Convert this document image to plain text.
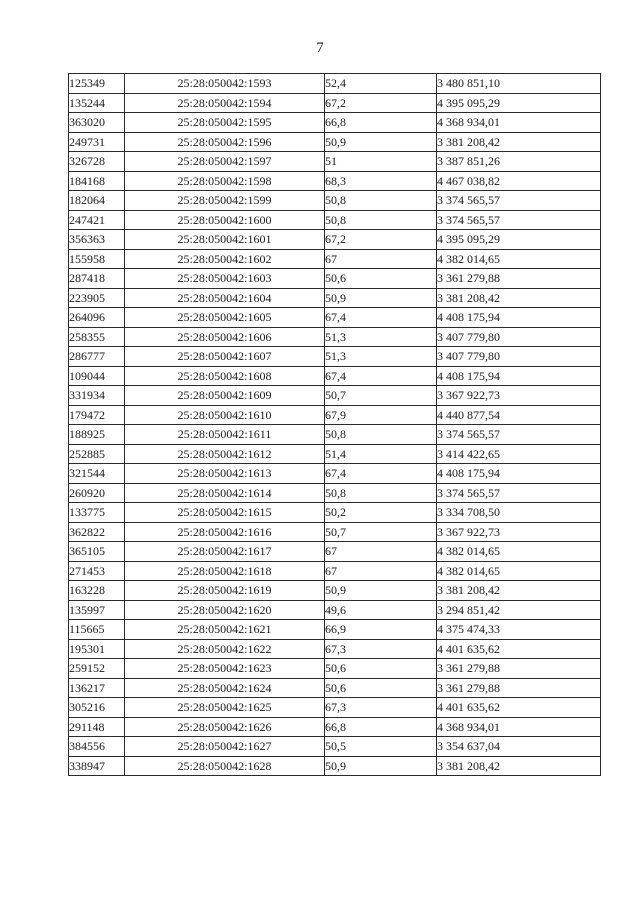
7
125349	25:28:050042:1593	52,4	3 480 851,10
135244	25:28:050042:1594	67,2	4 395 095,29
363020	25:28:050042:1595	66,8	4 368 934,01
249731	25:28:050042:1596	50,9	3 381 208,42
326728	25:28:050042:1597	51	3 387 851,26
184168	25:28:050042:1598	68,3	4 467 038,82
182064	25:28:050042:1599	50,8	3 374 565,57
247421	25:28:050042:1600	50,8	3 374 565,57
356363	25:28:050042:1601	67,2	4 395 095,29
155958	25:28:050042:1602	67	4 382 014,65
287418	25:28:050042:1603	50,6	3 361 279,88
223905	25:28:050042:1604	50,9	3 381 208,42
264096	25:28:050042:1605	67,4	4 408 175,94
258355	25:28:050042:1606	51,3	3 407 779,80
286777	25:28:050042:1607	51,3	3 407 779,80
109044	25:28:050042:1608	67,4	4 408 175,94
331934	25:28:050042:1609	50,7	3 367 922,73
179472	25:28:050042:1610	67,9	4 440 877,54
188925	25:28:050042:1611	50,8	3 374 565,57
252885	25:28:050042:1612	51,4	3 414 422,65
321544	25:28:050042:1613	67,4	4 408 175,94
260920	25:28:050042:1614	50,8	3 374 565,57
133775	25:28:050042:1615	50,2	3 334 708,50
362822	25:28:050042:1616	50,7	3 367 922,73
365105	25:28:050042:1617	67	4 382 014,65
271453	25:28:050042:1618	67	4 382 014,65
163228	25:28:050042:1619	50,9	3 381 208,42
135997	25:28:050042:1620	49,6	3 294 851,42
115665	25:28:050042:1621	66,9	4 375 474,33
195301	25:28:050042:1622	67,3	4 401 635,62
259152	25:28:050042:1623	50,6	3 361 279,88
136217	25:28:050042:1624	50,6	3 361 279,88
305216	25:28:050042:1625	67,3	4 401 635,62
291148	25:28:050042:1626	66,8	4 368 934,01
384556	25:28:050042:1627	50,5	3 354 637,04
338947	25:28:050042:1628	50,9	3 381 208,42
